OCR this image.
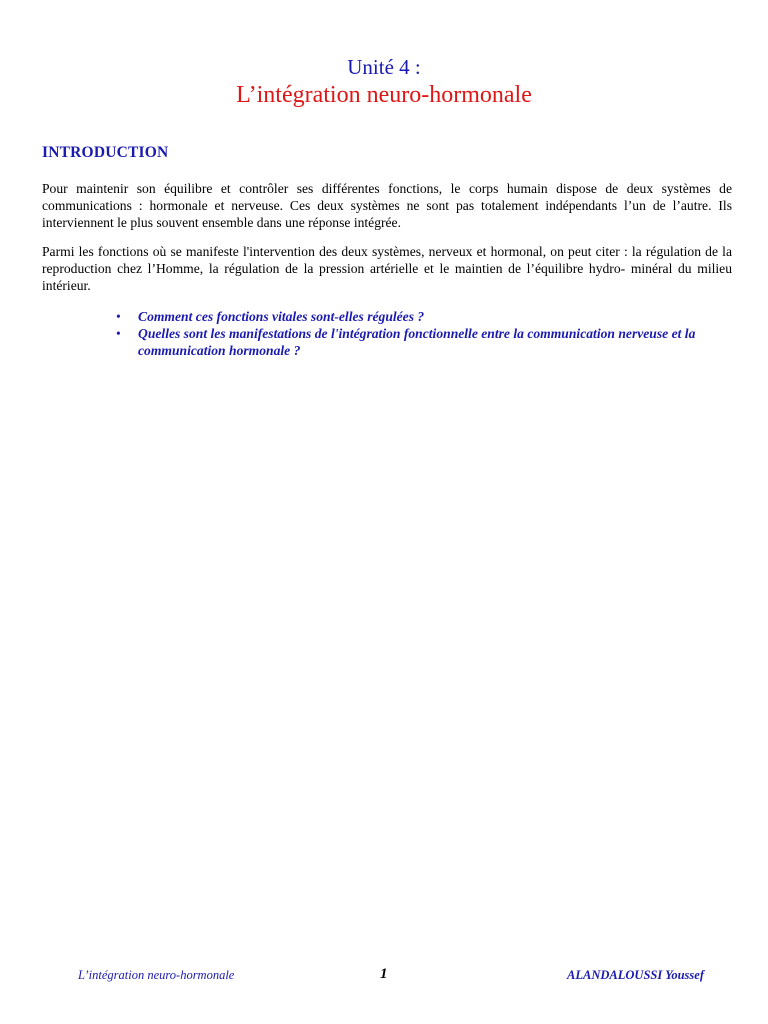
Unité 4 :
L’intégration neuro-hormonale
INTRODUCTION

Pour maintenir son équilibre et contrôler ses différentes fonctions, le corps humain dispose de deux systèmes de communications : hormonale et nerveuse. Ces deux systèmes ne sont pas totalement indépendants l’un de l’autre. Ils interviennent le plus souvent ensemble dans une réponse intégrée.

Parmi les fonctions où se manifeste l'intervention des deux systèmes, nerveux et hormonal, on peut citer : la régulation de la reproduction chez l’Homme, la régulation de la pression artérielle et le maintien de l’équilibre hydro- minéral du milieu intérieur.

• Comment ces fonctions vitales sont-elles régulées ?
• Quelles sont les manifestations de l'intégration fonctionnelle entre la communication nerveuse et la communication hormonale ?
L’intégration neuro-hormonale	1	ALANDALOUSSI Youssef
